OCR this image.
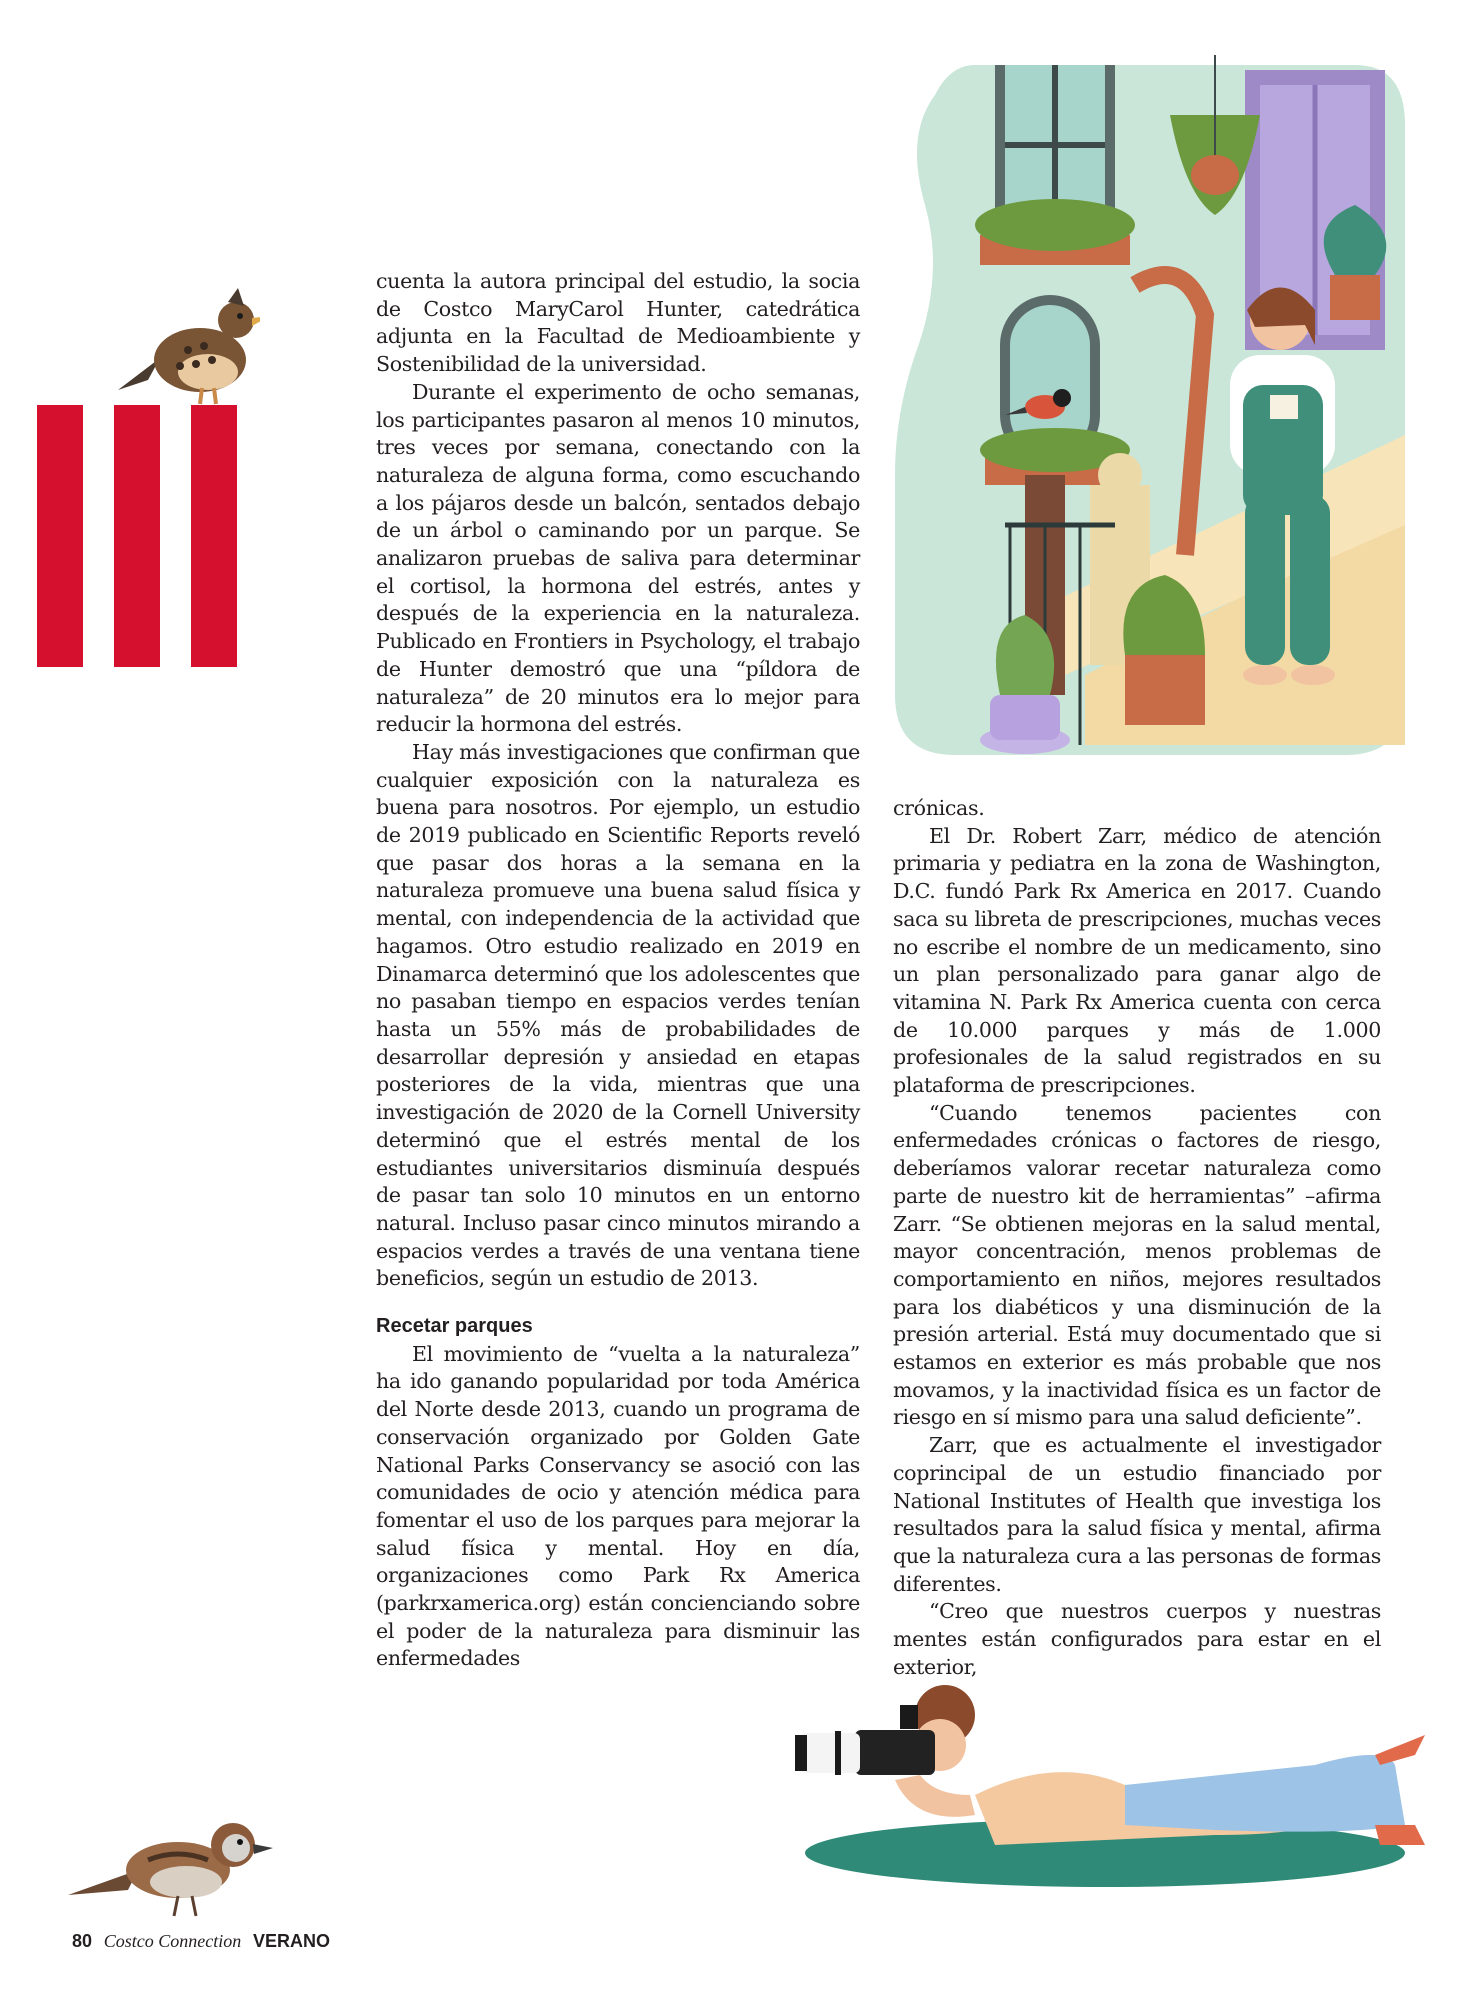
cuenta la autora principal del estudio, la socia de Costco MaryCarol Hunter, catedrática adjunta en la Facultad de Medioambiente y Sostenibilidad de la universidad.

Durante el experimento de ocho semanas, los participantes pasaron al menos 10 minutos, tres veces por semana, conectando con la naturaleza de alguna forma, como escuchando a los pájaros desde un balcón, sentados debajo de un árbol o caminando por un parque. Se analizaron pruebas de saliva para determinar el cortisol, la hormona del estrés, antes y después de la experiencia en la naturaleza. Publicado en Frontiers in Psychology, el trabajo de Hunter demostró que una “píldora de naturaleza” de 20 minutos era lo mejor para reducir la hormona del estrés.

Hay más investigaciones que confirman que cualquier exposición con la naturaleza es buena para nosotros. Por ejemplo, un estudio de 2019 publicado en Scientific Reports reveló que pasar dos horas a la semana en la naturaleza promueve una buena salud física y mental, con independencia de la actividad que hagamos. Otro estudio realizado en 2019 en Dinamarca determinó que los adolescentes que no pasaban tiempo en espacios verdes tenían hasta un 55% más de probabilidades de desarrollar depresión y ansiedad en etapas posteriores de la vida, mientras que una investigación de 2020 de la Cornell University determinó que el estrés mental de los estudiantes universitarios disminuía después de pasar tan solo 10 minutos en un entorno natural. Incluso pasar cinco minutos mirando a espacios verdes a través de una ventana tiene beneficios, según un estudio de 2013.

Recetar parques

El movimiento de “vuelta a la naturaleza” ha ido ganando popularidad por toda América del Norte desde 2013, cuando un programa de conservación organizado por Golden Gate National Parks Conservancy se asoció con las comunidades de ocio y atención médica para fomentar el uso de los parques para mejorar la salud física y mental. Hoy en día, organizaciones como Park Rx America (parkrxamerica.org) están concienciando sobre el poder de la naturaleza para disminuir las enfermedades

crónicas.

El Dr. Robert Zarr, médico de atención primaria y pediatra en la zona de Washington, D.C. fundó Park Rx America en 2017. Cuando saca su libreta de prescripciones, muchas veces no escribe el nombre de un medicamento, sino un plan personalizado para ganar algo de vitamina N. Park Rx America cuenta con cerca de 10.000 parques y más de 1.000 profesionales de la salud registrados en su plataforma de prescripciones.

“Cuando tenemos pacientes con enfermedades crónicas o factores de riesgo, deberíamos valorar recetar naturaleza como parte de nuestro kit de herramientas” –afirma Zarr. “Se obtienen mejoras en la salud mental, mayor concentración, menos problemas de comportamiento en niños, mejores resultados para los diabéticos y una disminución de la presión arterial. Está muy documentado que si estamos en exterior es más probable que nos movamos, y la inactividad física es un factor de riesgo en sí mismo para una salud deficiente”.

Zarr, que es actualmente el investigador coprincipal de un estudio financiado por National Institutes of Health que investiga los resultados para la salud física y mental, afirma que la naturaleza cura a las personas de formas diferentes.

“Creo que nuestros cuerpos y nuestras mentes están configurados para estar en el exterior,

80 Costco Connection VERANO
